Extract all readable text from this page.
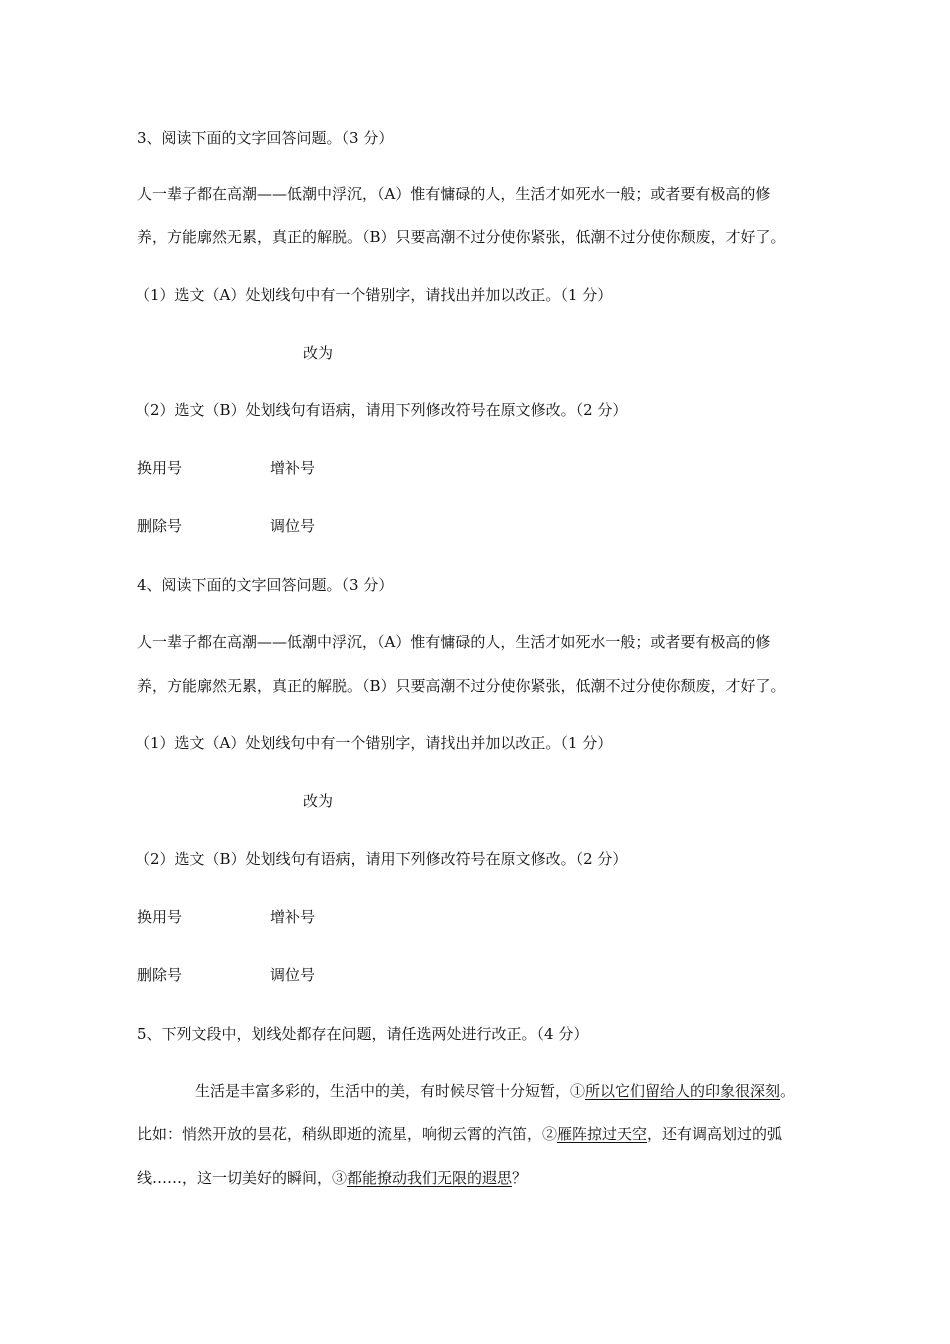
3、阅读下面的文字回答问题。（3 分）
人一辈子都在高潮——低潮中浮沉，（A）惟有慵碌的人，生活才如死水一般；或者要有极高的修
养，方能廓然无累，真正的解脱。（B）只要高潮不过分使你紧张，低潮不过分使你颓废，才好了。
（1）选文（A）处划线句中有一个错别字，请找出并加以改正。（1 分）
改为
（2）选文（B）处划线句有语病，请用下列修改符号在原文修改。（2 分）
换用号	增补号
删除号	调位号
4、阅读下面的文字回答问题。（3 分）
人一辈子都在高潮——低潮中浮沉，（A）惟有慵碌的人，生活才如死水一般；或者要有极高的修
养，方能廓然无累，真正的解脱。（B）只要高潮不过分使你紧张，低潮不过分使你颓废，才好了。
（1）选文（A）处划线句中有一个错别字，请找出并加以改正。（1 分）
改为
（2）选文（B）处划线句有语病，请用下列修改符号在原文修改。（2 分）
换用号	增补号
删除号	调位号
5、下列文段中，划线处都存在问题，请任选两处进行改正。（4 分）
生活是丰富多彩的，生活中的美，有时候尽管十分短暂，①所以它们留给人的印象很深刻。
比如：悄然开放的昙花，稍纵即逝的流星，响彻云霄的汽笛，②雁阵掠过天空，还有调高划过的弧
线……，这一切美好的瞬间，③都能撩动我们无限的遐思？
